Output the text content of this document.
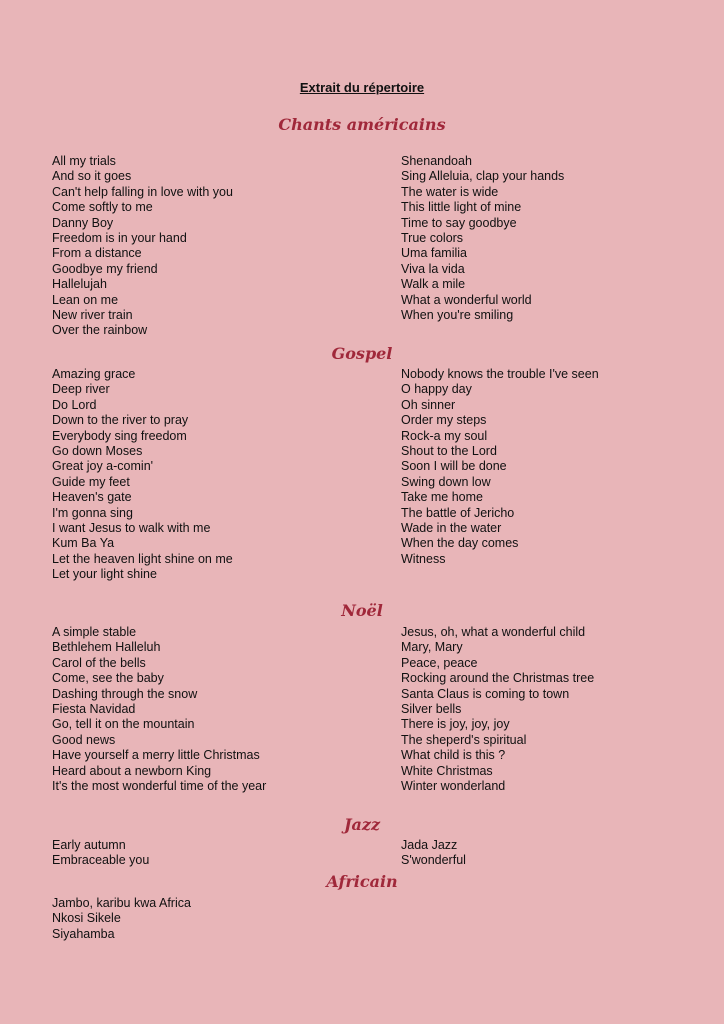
Extrait du répertoire
Chants américains
All my trials
And so it goes
Can't help falling in love with you
Come softly to me
Danny Boy
Freedom is in your hand
From a distance
Goodbye my friend
Hallelujah
Lean on me
New river train
Over the rainbow
Shenandoah
Sing Alleluia, clap your hands
The water is wide
This little light of mine
Time to say goodbye
True colors
Uma familia
Viva la vida
Walk a mile
What a wonderful world
When you're smiling
Gospel
Amazing grace
Deep river
Do Lord
Down to the river to pray
Everybody sing freedom
Go down Moses
Great joy a-comin'
Guide my feet
Heaven's gate
I'm gonna sing
I want Jesus to walk with me
Kum Ba Ya
Let the heaven light shine on me
Let your light shine
Nobody knows the trouble I've seen
O happy day
Oh sinner
Order my steps
Rock-a my soul
Shout to the Lord
Soon I will be done
Swing down low
Take me home
The battle of Jericho
Wade in the water
When the day comes
Witness
Noël
A simple stable
Bethlehem Halleluh
Carol of the bells
Come, see the baby
Dashing through the snow
Fiesta Navidad
Go, tell it on the mountain
Good news
Have yourself a merry little Christmas
Heard about a newborn King
It's the most wonderful time of the year
Jesus, oh, what a wonderful child
Mary, Mary
Peace, peace
Rocking around the Christmas tree
Santa Claus is coming to town
Silver bells
There is joy, joy, joy
The sheperd's spiritual
What child is this ?
White Christmas
Winter wonderland
Jazz
Early autumn
Embraceable you
Jada Jazz
S'wonderful
Africain
Jambo, karibu kwa Africa
Nkosi Sikele
Siyahamba
